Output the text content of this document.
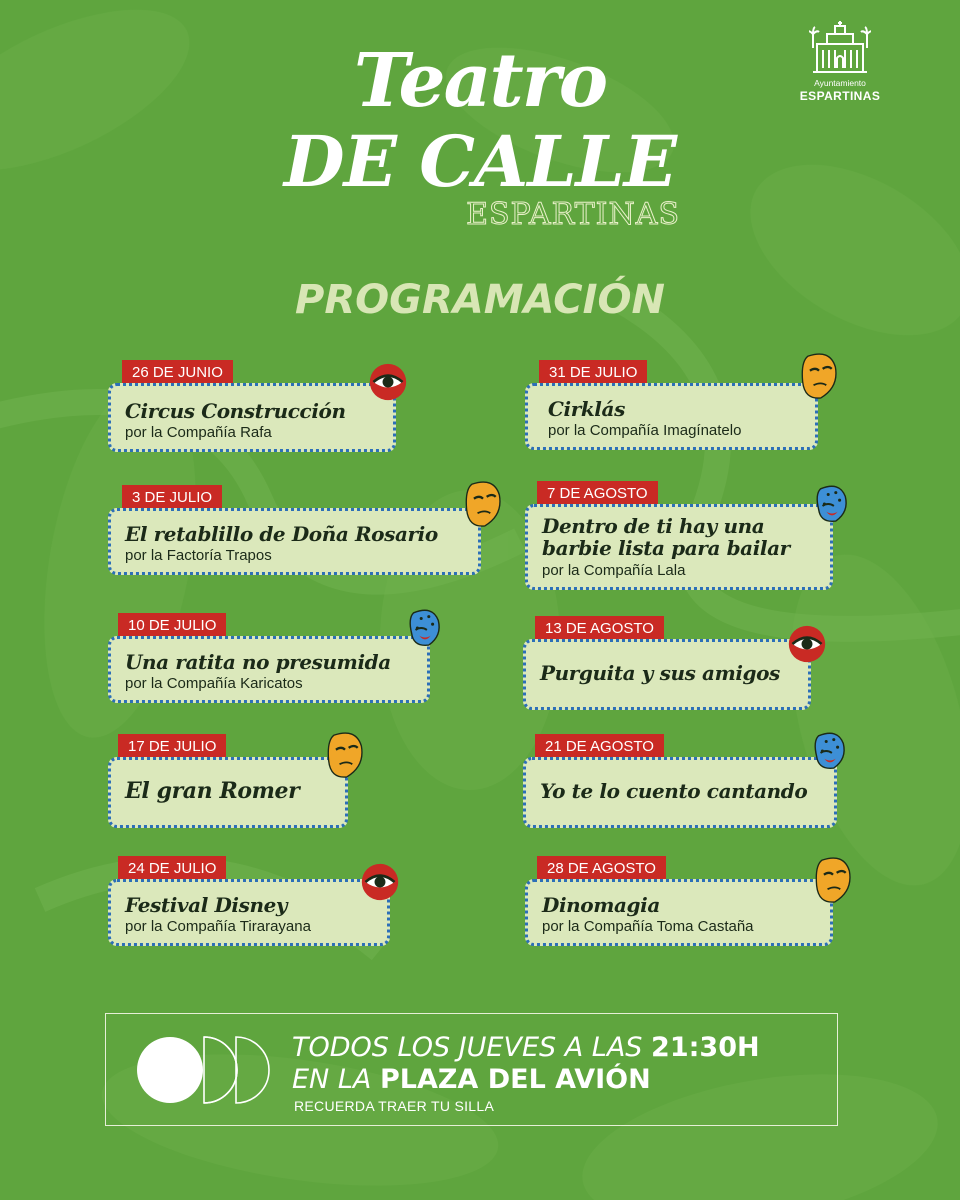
Ayuntamiento
ESPARTINAS
Teatro
DE CALLE
ESPARTINAS
PROGRAMACIÓN
26 DE JUNIO
Circus Construcción
por la Compañía Rafa
3 DE JULIO
El retablillo de Doña Rosario
por la Factoría Trapos
10 DE JULIO
Una ratita no presumida
por la Compañía Karicatos
17 DE JULIO
El gran Romer
24 DE JULIO
Festival Disney
por la Compañía Tirarayana
31 DE JULIO
Cirklás
por la Compañía Imagínatelo
7 DE AGOSTO
Dentro de ti hay una
barbie lista para bailar
por la Compañía Lala
13 DE AGOSTO
Purguita y sus amigos
21 DE AGOSTO
Yo te lo cuento cantando
28 DE AGOSTO
Dinomagia
por la Compañía Toma Castaña
TODOS LOS JUEVES A LAS 21:30H
EN LA PLAZA DEL AVIÓN
RECUERDA TRAER TU SILLA
